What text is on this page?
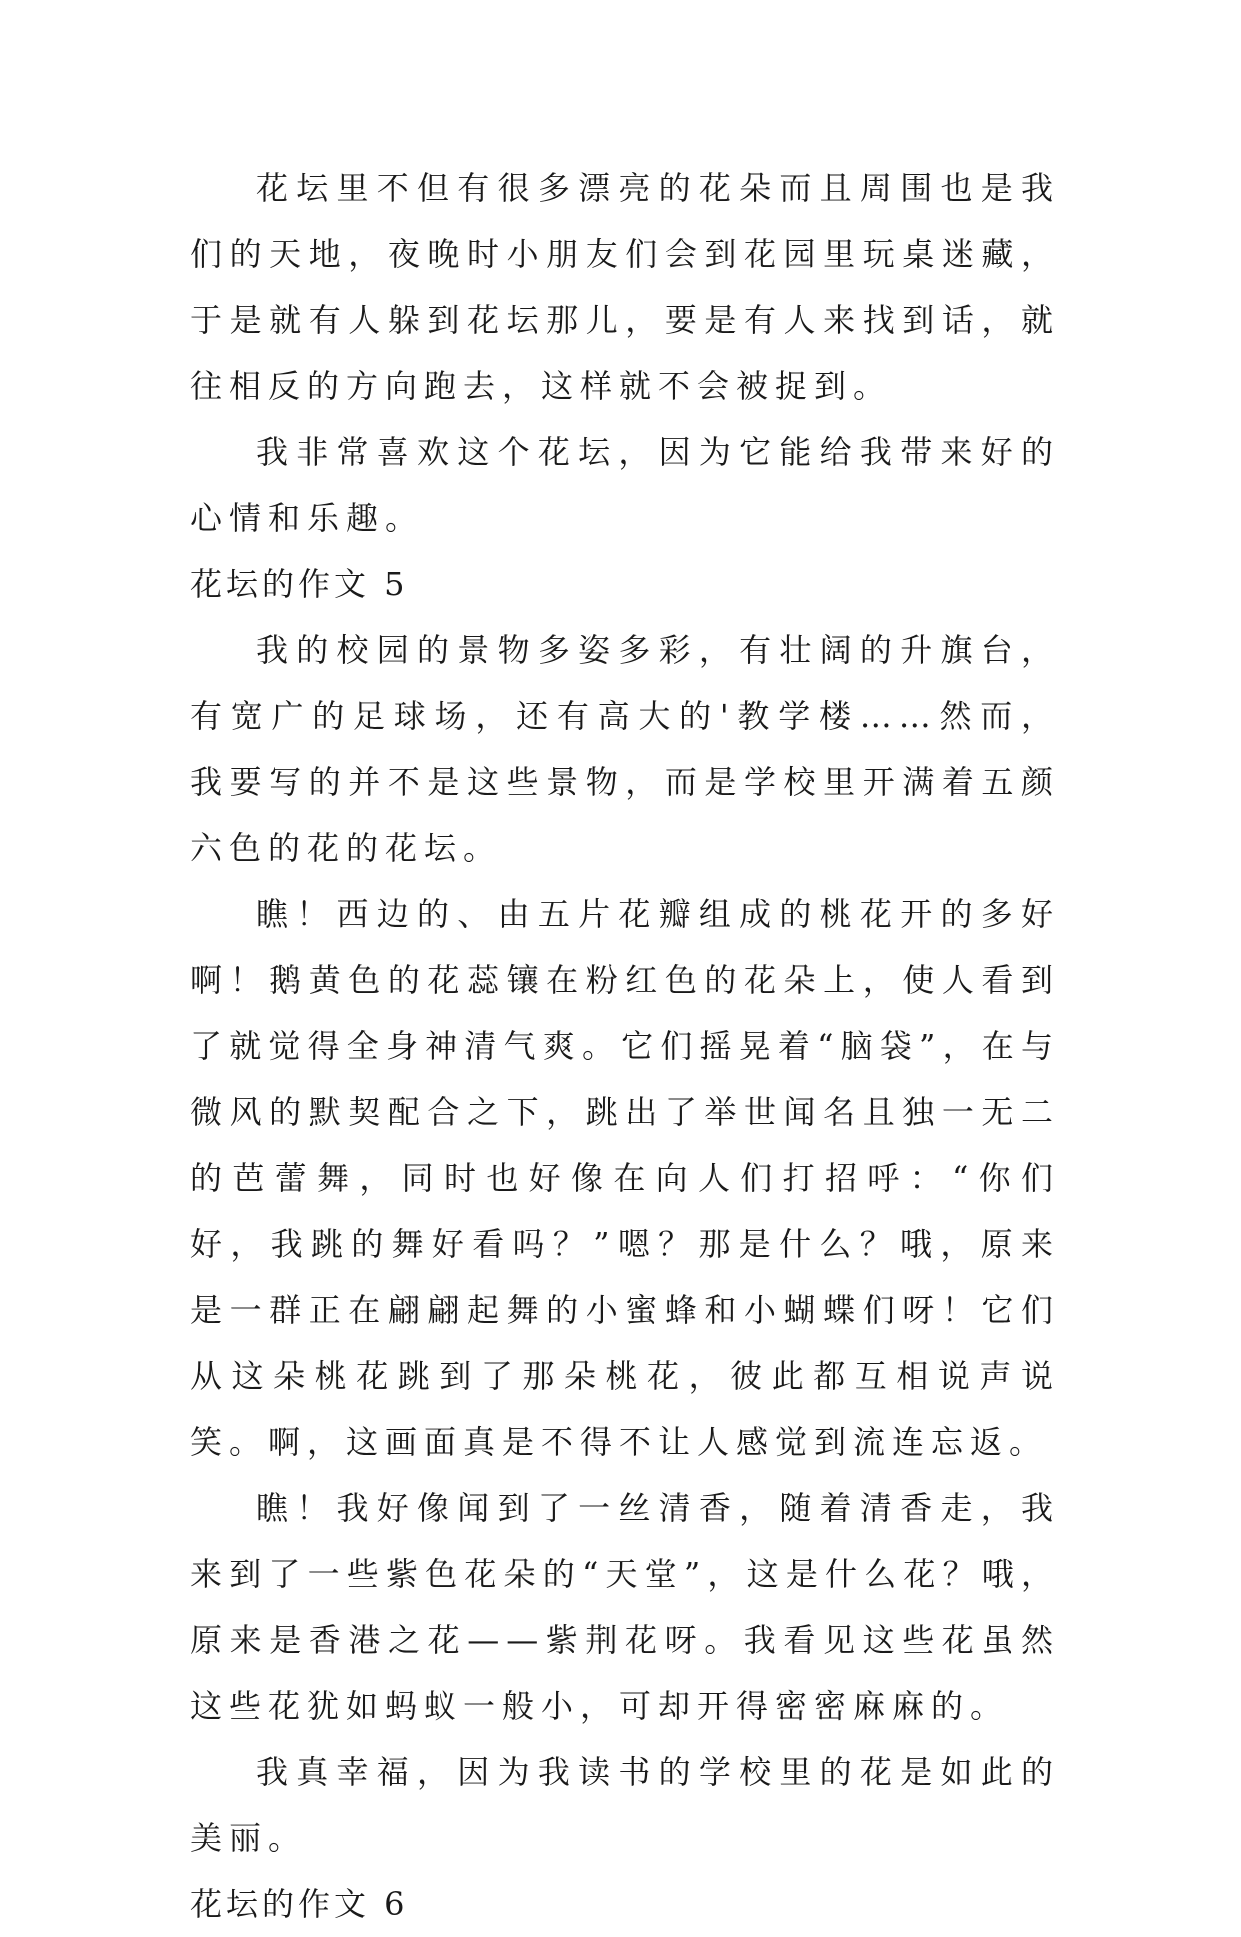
花坛里不但有很多漂亮的花朵而且周围也是我们的天地，夜晚时小朋友们会到花园里玩桌迷藏，于是就有人躲到花坛那儿，要是有人来找到话，就往相反的方向跑去，这样就不会被捉到。

我非常喜欢这个花坛，因为它能给我带来好的心情和乐趣。

花坛的作文 5

我的校园的景物多姿多彩，有壮阔的升旗台，有宽广的足球场，还有高大的'教学楼……然而，我要写的并不是这些景物，而是学校里开满着五颜六色的花的花坛。

瞧！西边的、由五片花瓣组成的桃花开的多好啊！鹅黄色的花蕊镶在粉红色的花朵上，使人看到了就觉得全身神清气爽。它们摇晃着“脑袋”，在与微风的默契配合之下，跳出了举世闻名且独一无二的芭蕾舞，同时也好像在向人们打招呼：“你们好，我跳的舞好看吗？”嗯？那是什么？哦，原来是一群正在翩翩起舞的小蜜蜂和小蝴蝶们呀！它们从这朵桃花跳到了那朵桃花，彼此都互相说声说笑。啊，这画面真是不得不让人感觉到流连忘返。

瞧！我好像闻到了一丝清香，随着清香走，我来到了一些紫色花朵的“天堂”，这是什么花？哦，原来是香港之花——紫荆花呀。我看见这些花虽然这些花犹如蚂蚁一般小，可却开得密密麻麻的。

我真幸福，因为我读书的学校里的花是如此的美丽。

花坛的作文 6
